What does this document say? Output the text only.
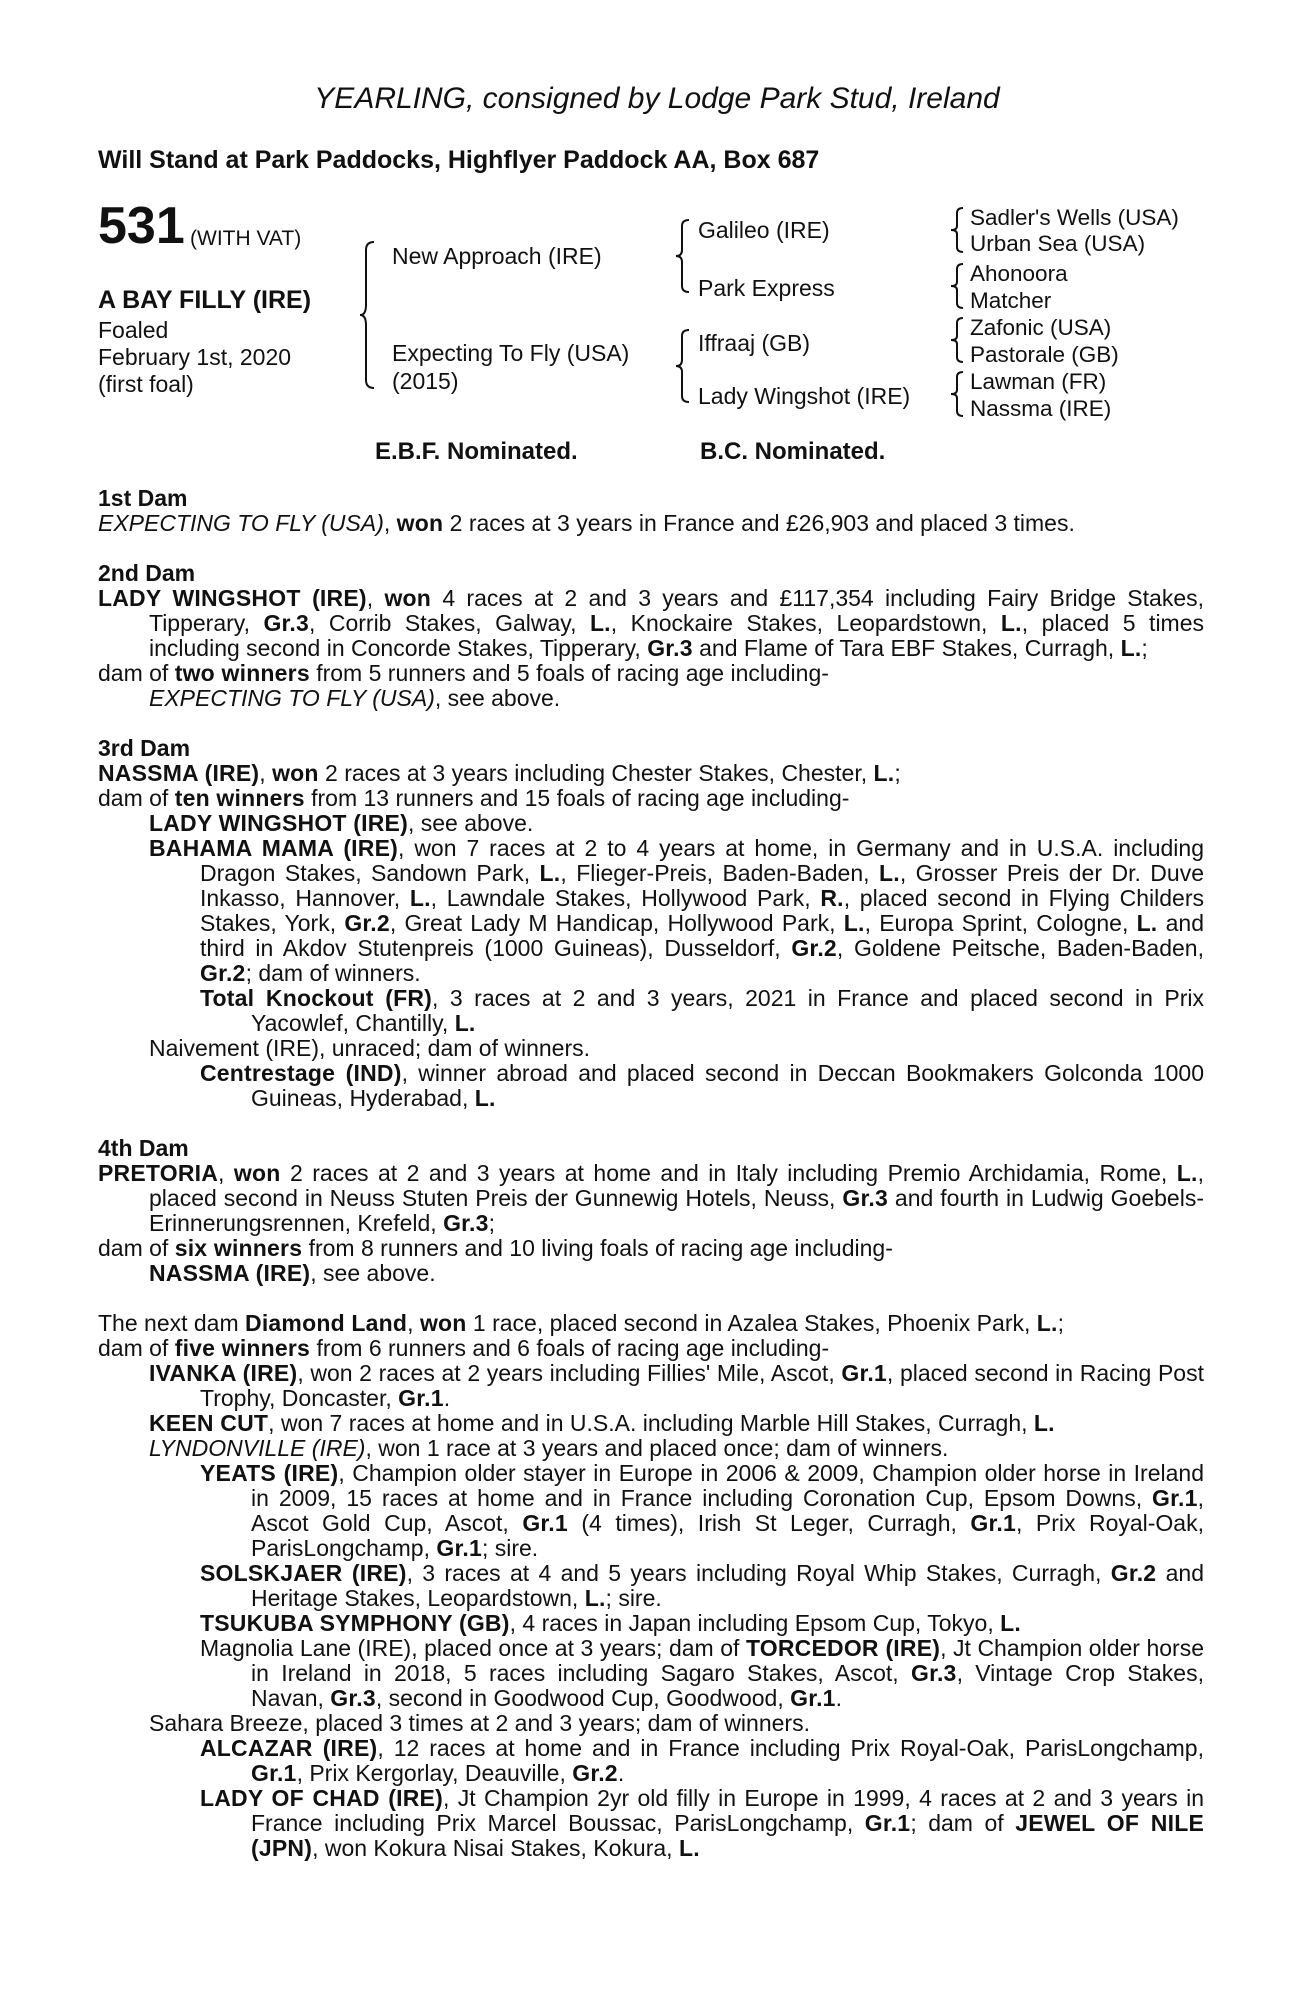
YEARLING, consigned by Lodge Park Stud, Ireland
Will Stand at Park Paddocks, Highflyer Paddock AA, Box 687
531 (WITH VAT)
A BAY FILLY (IRE)
Foaled
February 1st, 2020
(first foal)
New Approach (IRE)
Expecting To Fly (USA)
(2015)
Galileo (IRE)
Park Express
Iffraaj (GB)
Lady Wingshot (IRE)
Sadler's Wells (USA)
Urban Sea (USA)
Ahonoora
Matcher
Zafonic (USA)
Pastorale (GB)
Lawman (FR)
Nassma (IRE)
E.B.F. Nominated.	B.C. Nominated.
1st Dam
EXPECTING TO FLY (USA), won 2 races at 3 years in France and £26,903 and placed 3 times.
2nd Dam
LADY WINGSHOT (IRE), won 4 races at 2 and 3 years and £117,354 including Fairy Bridge Stakes, Tipperary, Gr.3, Corrib Stakes, Galway, L., Knockaire Stakes, Leopardstown, L., placed 5 times including second in Concorde Stakes, Tipperary, Gr.3 and Flame of Tara EBF Stakes, Curragh, L.;
dam of two winners from 5 runners and 5 foals of racing age including-
EXPECTING TO FLY (USA), see above.
3rd Dam
NASSMA (IRE), won 2 races at 3 years including Chester Stakes, Chester, L.;
dam of ten winners from 13 runners and 15 foals of racing age including-
LADY WINGSHOT (IRE), see above.
BAHAMA MAMA (IRE), won 7 races at 2 to 4 years at home, in Germany and in U.S.A. including Dragon Stakes, Sandown Park, L., Flieger-Preis, Baden-Baden, L., Grosser Preis der Dr. Duve Inkasso, Hannover, L., Lawndale Stakes, Hollywood Park, R., placed second in Flying Childers Stakes, York, Gr.2, Great Lady M Handicap, Hollywood Park, L., Europa Sprint, Cologne, L. and third in Akdov Stutenpreis (1000 Guineas), Dusseldorf, Gr.2, Goldene Peitsche, Baden-Baden, Gr.2; dam of winners.
Total Knockout (FR), 3 races at 2 and 3 years, 2021 in France and placed second in Prix Yacowlef, Chantilly, L.
Naivement (IRE), unraced; dam of winners.
Centrestage (IND), winner abroad and placed second in Deccan Bookmakers Golconda 1000 Guineas, Hyderabad, L.
4th Dam
PRETORIA, won 2 races at 2 and 3 years at home and in Italy including Premio Archidamia, Rome, L., placed second in Neuss Stuten Preis der Gunnewig Hotels, Neuss, Gr.3 and fourth in Ludwig Goebels-Erinnerungsrennen, Krefeld, Gr.3;
dam of six winners from 8 runners and 10 living foals of racing age including-
NASSMA (IRE), see above.
The next dam Diamond Land, won 1 race, placed second in Azalea Stakes, Phoenix Park, L.;
dam of five winners from 6 runners and 6 foals of racing age including-
IVANKA (IRE), won 2 races at 2 years including Fillies' Mile, Ascot, Gr.1, placed second in Racing Post Trophy, Doncaster, Gr.1.
KEEN CUT, won 7 races at home and in U.S.A. including Marble Hill Stakes, Curragh, L.
LYNDONVILLE (IRE), won 1 race at 3 years and placed once; dam of winners.
YEATS (IRE), Champion older stayer in Europe in 2006 & 2009, Champion older horse in Ireland in 2009, 15 races at home and in France including Coronation Cup, Epsom Downs, Gr.1, Ascot Gold Cup, Ascot, Gr.1 (4 times), Irish St Leger, Curragh, Gr.1, Prix Royal-Oak, ParisLongchamp, Gr.1; sire.
SOLSKJAER (IRE), 3 races at 4 and 5 years including Royal Whip Stakes, Curragh, Gr.2 and Heritage Stakes, Leopardstown, L.; sire.
TSUKUBA SYMPHONY (GB), 4 races in Japan including Epsom Cup, Tokyo, L.
Magnolia Lane (IRE), placed once at 3 years; dam of TORCEDOR (IRE), Jt Champion older horse in Ireland in 2018, 5 races including Sagaro Stakes, Ascot, Gr.3, Vintage Crop Stakes, Navan, Gr.3, second in Goodwood Cup, Goodwood, Gr.1.
Sahara Breeze, placed 3 times at 2 and 3 years; dam of winners.
ALCAZAR (IRE), 12 races at home and in France including Prix Royal-Oak, ParisLongchamp, Gr.1, Prix Kergorlay, Deauville, Gr.2.
LADY OF CHAD (IRE), Jt Champion 2yr old filly in Europe in 1999, 4 races at 2 and 3 years in France including Prix Marcel Boussac, ParisLongchamp, Gr.1; dam of JEWEL OF NILE (JPN), won Kokura Nisai Stakes, Kokura, L.
